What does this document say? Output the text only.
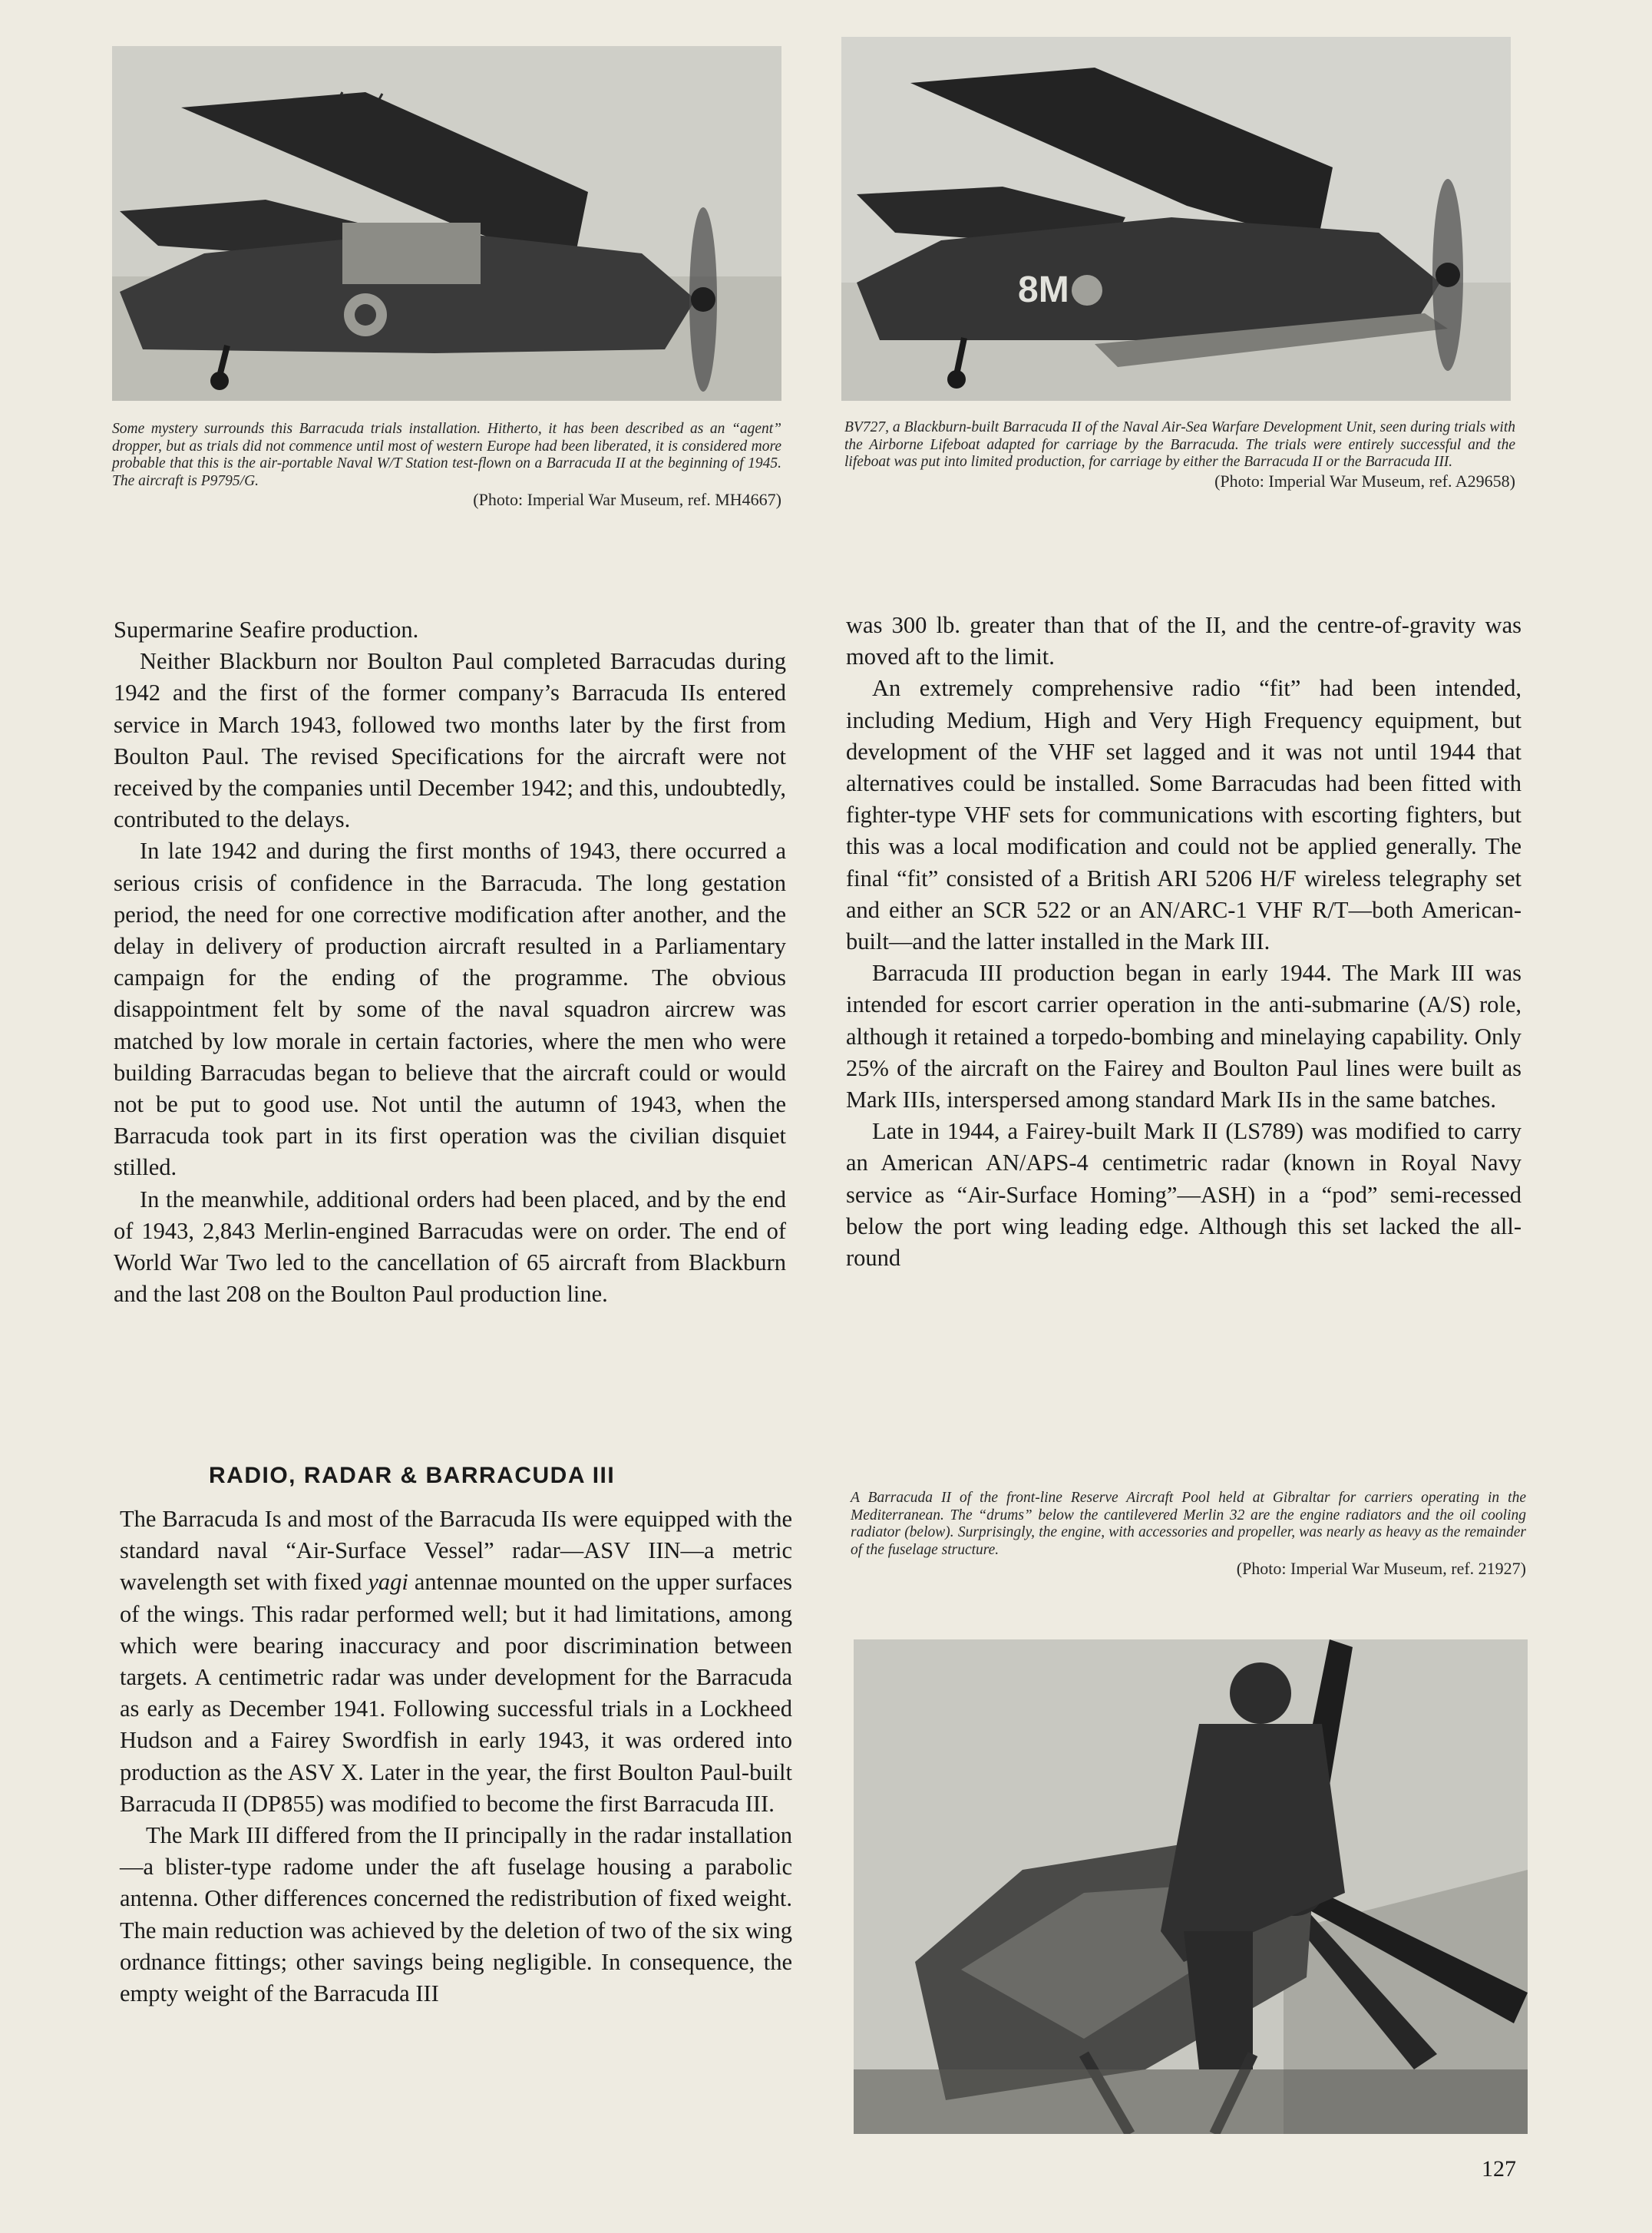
Some mystery surrounds this Barracuda trials installation. Hitherto, it has been described as an “agent” dropper, but as trials did not commence until most of western Europe had been liberated, it is considered more probable that this is the air-portable Naval W/T Station test-flown on a Barracuda II at the beginning of 1945. The aircraft is P9795/G.
(Photo: Imperial War Museum, ref. MH4667)
8M
BV727, a Blackburn-built Barracuda II of the Naval Air-Sea Warfare Development Unit, seen during trials with the Airborne Lifeboat adapted for carriage by the Barracuda. The trials were entirely successful and the lifeboat was put into limited production, for carriage by either the Barracuda II or the Barracuda III.
(Photo: Imperial War Museum, ref. A29658)

Supermarine Seafire production.

Neither Blackburn nor Boulton Paul completed Barracudas during 1942 and the first of the former company’s Barracuda IIs entered service in March 1943, followed two months later by the first from Boulton Paul. The revised Specifications for the aircraft were not received by the companies until December 1942; and this, undoubtedly, contributed to the delays.

In late 1942 and during the first months of 1943, there occurred a serious crisis of confidence in the Barracuda. The long gestation period, the need for one corrective modification after another, and the delay in delivery of production aircraft resulted in a Parliamentary campaign for the ending of the programme. The obvious disappointment felt by some of the naval squadron aircrew was matched by low morale in certain factories, where the men who were building Barracudas began to believe that the aircraft could or would not be put to good use. Not until the autumn of 1943, when the Barracuda took part in its first operation was the civilian disquiet stilled.

In the meanwhile, additional orders had been placed, and by the end of 1943, 2,843 Merlin-engined Barracudas were on order. The end of World War Two led to the cancellation of 65 aircraft from Blackburn and the last 208 on the Boulton Paul production line.

RADIO, RADAR & BARRACUDA III

The Barracuda Is and most of the Barracuda IIs were equipped with the standard naval “Air-Surface Vessel” radar—ASV IIN—a metric wavelength set with fixed yagi antennae mounted on the upper surfaces of the wings. This radar performed well; but it had limitations, among which were bearing inaccuracy and poor discrimination between targets. A centimetric radar was under development for the Barracuda as early as December 1941. Following successful trials in a Lockheed Hudson and a Fairey Swordfish in early 1943, it was ordered into production as the ASV X. Later in the year, the first Boulton Paul-built Barracuda II (DP855) was modified to become the first Barracuda III.

The Mark III differed from the II principally in the radar installation—a blister-type radome under the aft fuselage housing a parabolic antenna. Other differences concerned the redistribution of fixed weight. The main reduction was achieved by the deletion of two of the six wing ordnance fittings; other savings being negligible. In consequence, the empty weight of the Barracuda III

was 300 lb. greater than that of the II, and the centre-of-gravity was moved aft to the limit.

An extremely comprehensive radio “fit” had been intended, including Medium, High and Very High Frequency equipment, but development of the VHF set lagged and it was not until 1944 that alternatives could be installed. Some Barracudas had been fitted with fighter-type VHF sets for communications with escorting fighters, but this was a local modification and could not be applied generally. The final “fit” consisted of a British ARI 5206 H/F wireless telegraphy set and either an SCR 522 or an AN/ARC-1 VHF R/T—both American-built—and the latter installed in the Mark III.

Barracuda III production began in early 1944. The Mark III was intended for escort carrier operation in the anti-submarine (A/S) role, although it retained a torpedo-bombing and minelaying capability. Only 25% of the aircraft on the Fairey and Boulton Paul lines were built as Mark IIIs, interspersed among standard Mark IIs in the same batches.

Late in 1944, a Fairey-built Mark II (LS789) was modified to carry an American AN/APS-4 centimetric radar (known in Royal Navy service as “Air-Surface Homing”—ASH) in a “pod” semi-recessed below the port wing leading edge. Although this set lacked the all-round

A Barracuda II of the front-line Reserve Aircraft Pool held at Gibraltar for carriers operating in the Mediterranean. The “drums” below the cantilevered Merlin 32 are the engine radiators and the oil cooling radiator (below). Surprisingly, the engine, with accessories and propeller, was nearly as heavy as the remainder of the fuselage structure.
(Photo: Imperial War Museum, ref. 21927)
127
